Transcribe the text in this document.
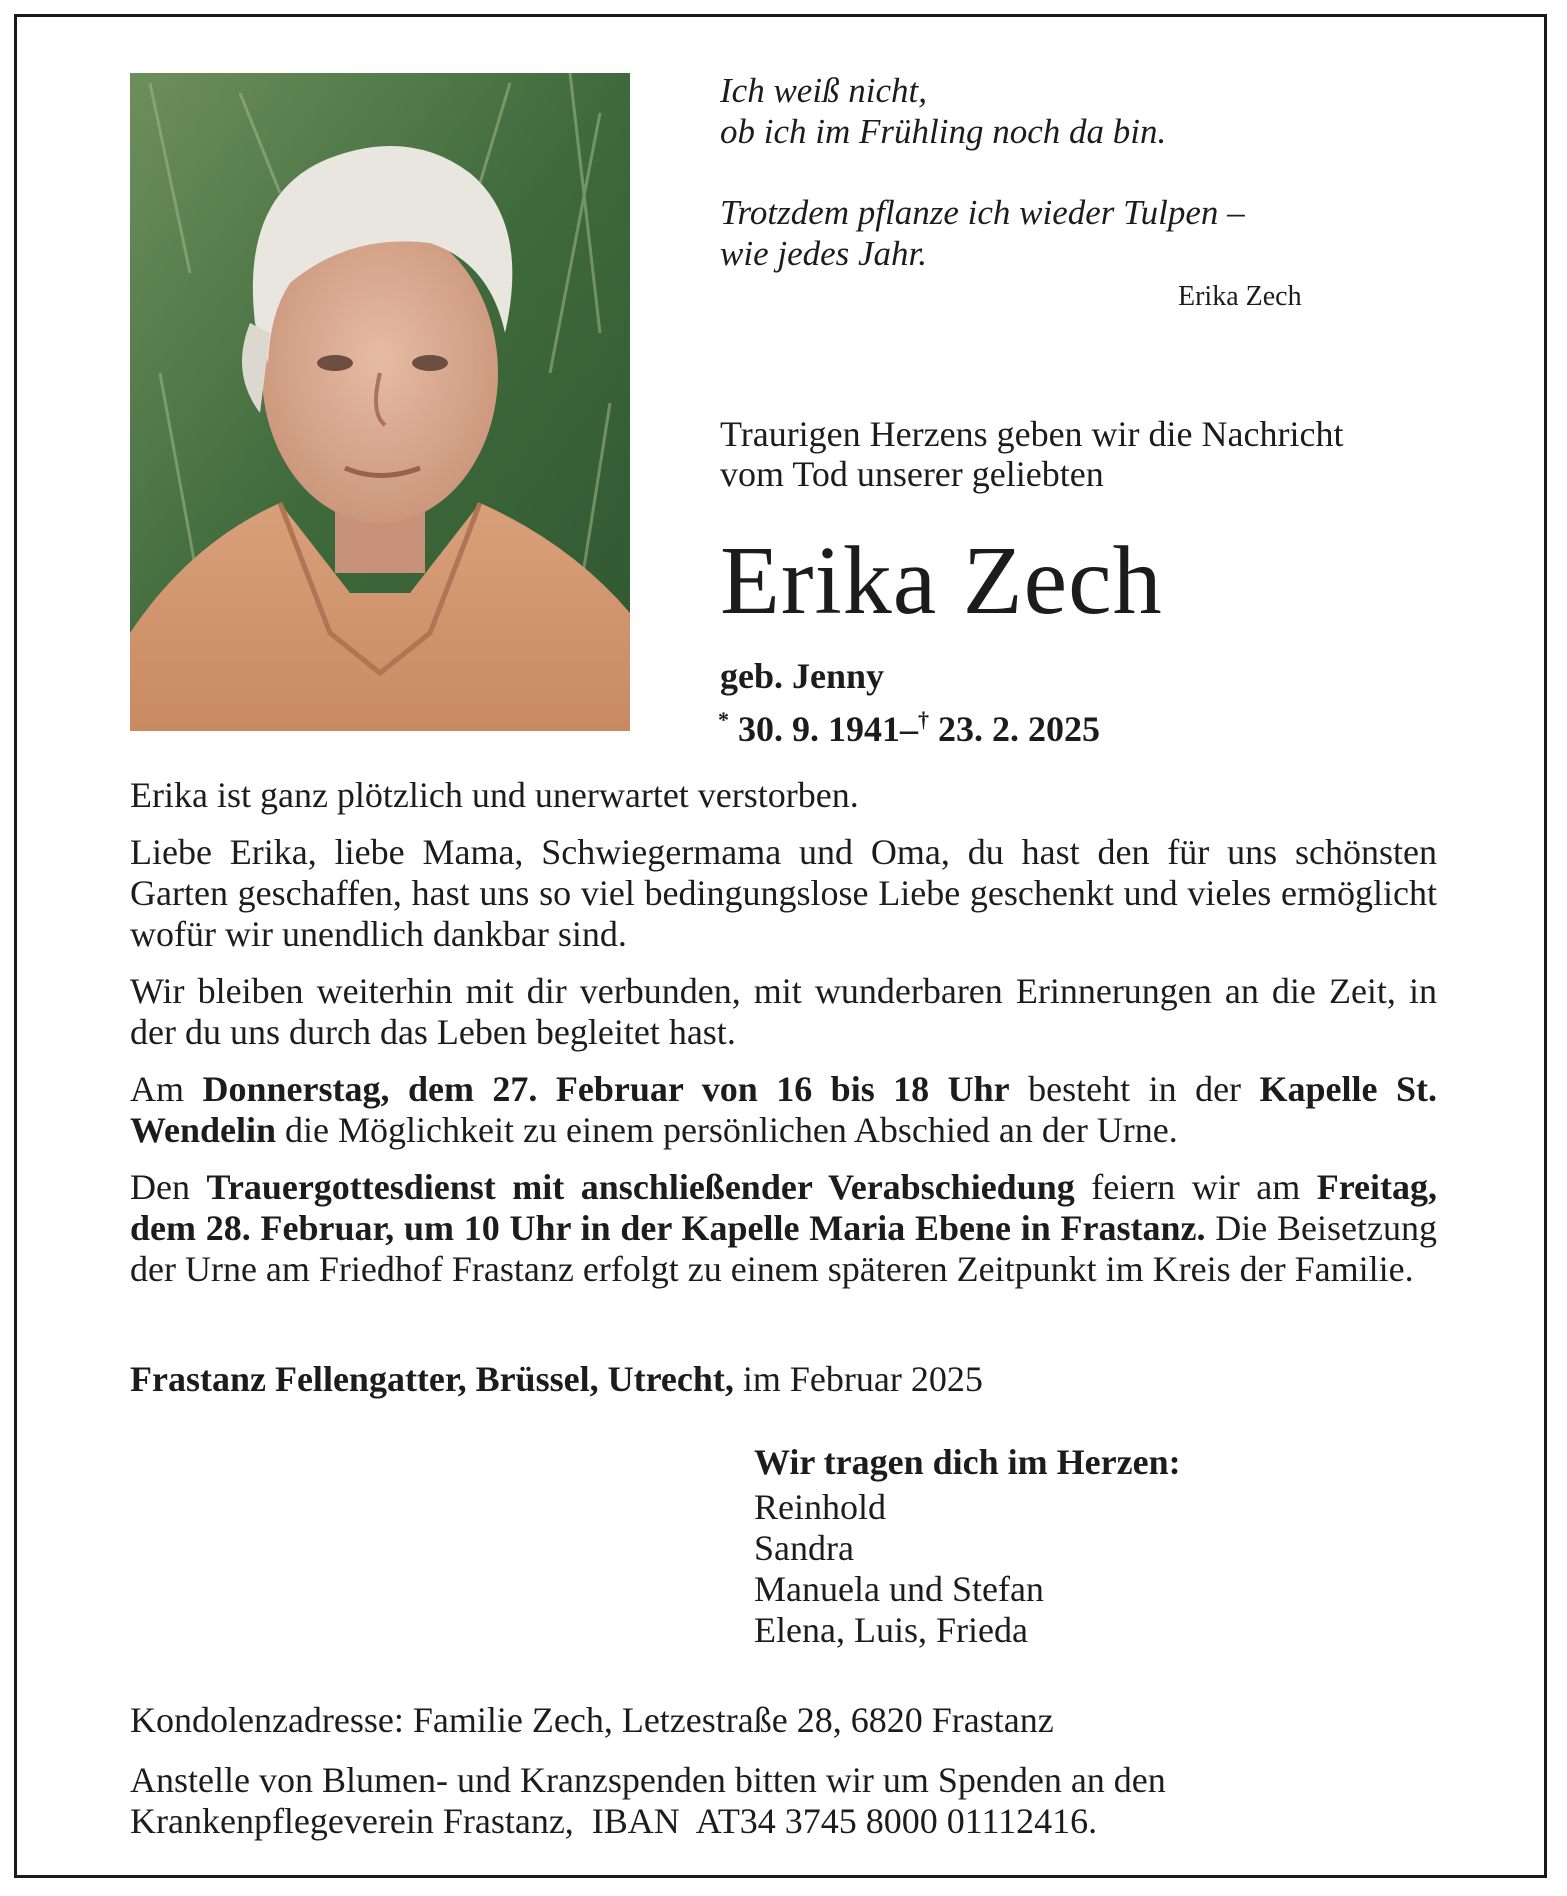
Ich weiß nicht,
ob ich im Frühling noch da bin.

Trotzdem pflanze ich wieder Tulpen –
wie jedes Jahr.

Erika Zech
Traurigen Herzens geben wir die Nachricht
vom Tod unserer geliebten
Erika Zech
geb. Jenny
* 30. 9. 1941–† 23. 2. 2025

Erika ist ganz plötzlich und unerwartet verstorben.

Liebe Erika, liebe Mama, Schwiegermama und Oma, du hast den für uns schönsten Garten geschaffen, hast uns so viel bedingungslose Liebe geschenkt und vieles ermöglicht wofür wir unendlich dankbar sind.

Wir bleiben weiterhin mit dir verbunden, mit wunderbaren Erinnerungen an die Zeit, in der du uns durch das Leben begleitet hast.

Am Donnerstag, dem 27. Februar von 16 bis 18 Uhr besteht in der Kapelle St. Wendelin die Möglichkeit zu einem persönlichen Abschied an der Urne.

Den Trauergottesdienst mit anschließender Verabschiedung feiern wir am Freitag, dem 28. Februar, um 10 Uhr in der Kapelle Maria Ebene in Frastanz. Die Beisetzung der Urne am Friedhof Frastanz erfolgt zu einem späteren Zeitpunkt im Kreis der Familie.

Frastanz Fellengatter, Brüssel, Utrecht, im Februar 2025
Wir tragen dich im Herzen:
Reinhold
Sandra
Manuela und Stefan
Elena, Luis, Frieda
Kondolenzadresse: Familie Zech, Letzestraße 28, 6820 Frastanz
Anstelle von Blumen- und Kranzspenden bitten wir um Spenden an den
Krankenpflegeverein Frastanz,  IBAN  AT34 3745 8000 01112416.
